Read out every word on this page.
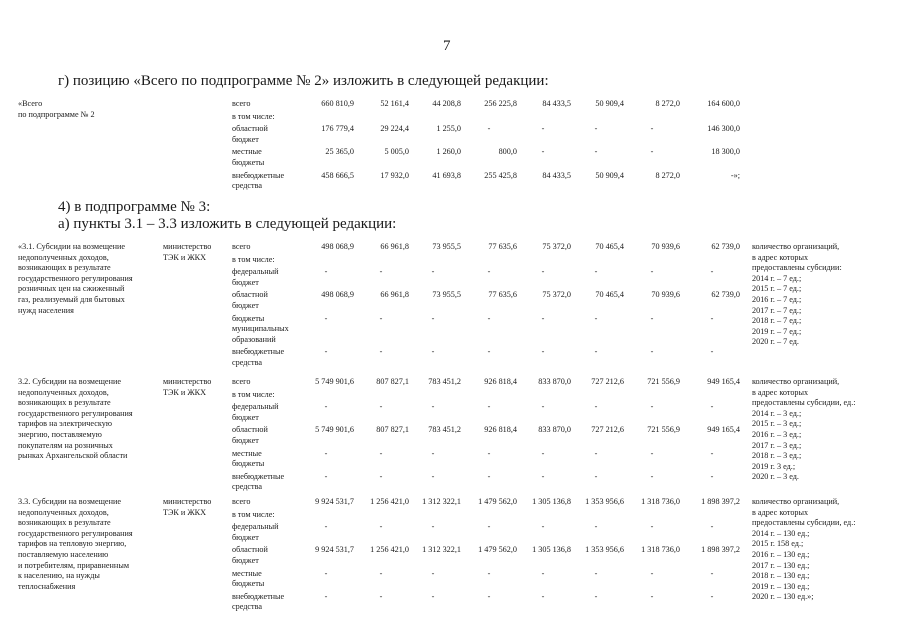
7
г) позицию «Всего по подпрограмме № 2» изложить в следующей редакции:
4) в подпрограмме № 3:
а) пункты 3.1 – 3.3 изложить в следующей редакции:
«Всего
по подпрограмме № 2
всего	660 810,9	52 161,4	44 208,8	256 225,8	84 433,5	50 909,4	8 272,0	164 600,0
в том числе:
областной
бюджет
176 779,4	29 224,4	1 255,0	-	-	-	-	146 300,0
местные
бюджеты
25 365,0	5 005,0	1 260,0	800,0	-	-	-	18 300,0
внебюджетные
средства
458 666,5	17 932,0	41 693,8	255 425,8	84 433,5	50 909,4	8 272,0	-»;
«3.1. Субсидии на возмещение
недополученных доходов,
возникающих в результате
государственного регулирования
розничных цен на сжиженный
газ, реализуемый для бытовых
нужд населения
министерство
ТЭК и ЖКХ
всего	498 068,9	66 961,8	73 955,5	77 635,6	75 372,0	70 465,4	70 939,6	62 739,0
в том числе:
федеральный
бюджет
-	-	-	-	-	-	-	-
областной
бюджет
498 068,9	66 961,8	73 955,5	77 635,6	75 372,0	70 465,4	70 939,6	62 739,0
бюджеты
муниципальных
образований
-	-	-	-	-	-	-	-
внебюджетные
средства
-	-	-	-	-	-	-	-
количество организаций,
в адрес которых
предоставлены субсидии:
2014 г. – 7 ед.;
2015 г. – 7 ед.;
2016 г. – 7 ед.;
2017 г. – 7 ед.;
2018 г. – 7 ед.;
2019 г. – 7 ед.;
2020 г. – 7 ед.
3.2. Субсидии на возмещение
недополученных доходов,
возникающих в результате
государственного регулирования
тарифов на электрическую
энергию, поставляемую
покупателям на розничных
рынках Архангельской области
министерство
ТЭК и ЖКХ
всего	5 749 901,6	807 827,1	783 451,2	926 818,4	833 870,0	727 212,6	721 556,9	949 165,4
в том числе:
федеральный
бюджет
-	-	-	-	-	-	-	-
областной
бюджет
5 749 901,6	807 827,1	783 451,2	926 818,4	833 870,0	727 212,6	721 556,9	949 165,4
местные
бюджеты
-	-	-	-	-	-	-	-
внебюджетные
средства
-	-	-	-	-	-	-	-
количество организаций,
в адрес которых
предоставлены субсидии, ед.:
2014 г. – 3 ед.;
2015 г. – 3 ед.;
2016 г. – 3 ед.;
2017 г. – 3 ед.;
2018 г. – 3 ед.;
2019 г. 3 ед.;
2020 г. – 3 ед.
3.3. Субсидии на возмещение
недополученных доходов,
возникающих в результате
государственного регулирования
тарифов на тепловую энергию,
поставляемую населению
и потребителям, приравненным
к населению, на нужды
теплоснабжения
министерство
ТЭК и ЖКХ
всего	9 924 531,7	1 256 421,0	1 312 322,1	1 479 562,0	1 305 136,8	1 353 956,6	1 318 736,0	1 898 397,2
в том числе:
федеральный
бюджет
-	-	-	-	-	-	-	-
областной
бюджет
9 924 531,7	1 256 421,0	1 312 322,1	1 479 562,0	1 305 136,8	1 353 956,6	1 318 736,0	1 898 397,2
местные
бюджеты
-	-	-	-	-	-	-	-
внебюджетные
средства
-	-	-	-	-	-	-	-
количество организаций,
в адрес которых
предоставлены субсидии, ед.:
2014 г. – 130 ед.;
2015 г. 158 ед.;
2016 г. – 130 ед.;
2017 г. – 130 ед.;
2018 г. – 130 ед.;
2019 г. – 130 ед.;
2020 г. – 130 ед.»;
